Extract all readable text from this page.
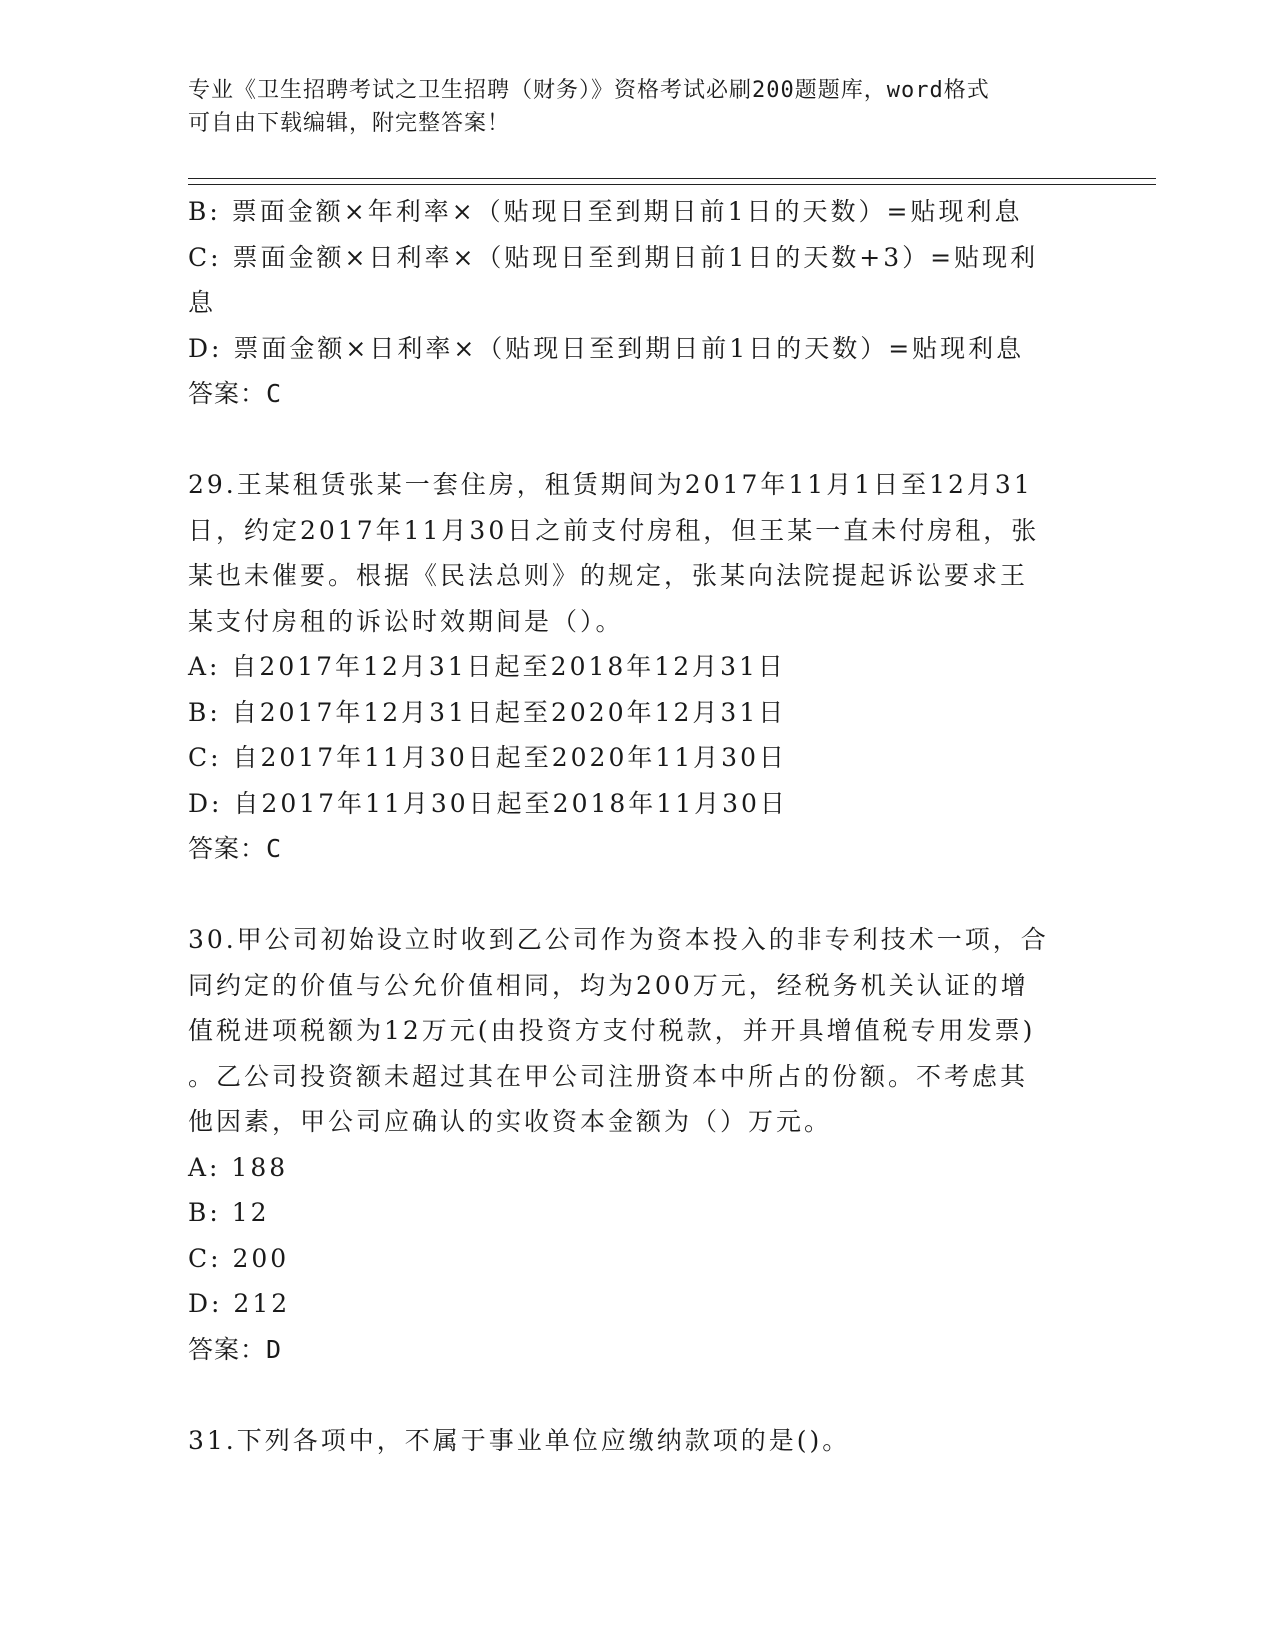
专业《卫生招聘考试之卫生招聘（财务）》资格考试必刷200题题库，word格式
可自由下载编辑，附完整答案！
B: 票面金额×年利率×（贴现日至到期日前1日的天数）=贴现利息
C: 票面金额×日利率×（贴现日至到期日前1日的天数+3）=贴现利
息
D: 票面金额×日利率×（贴现日至到期日前1日的天数）=贴现利息
答案：C
29.王某租赁张某一套住房，租赁期间为2017年11月1日至12月31
日，约定2017年11月30日之前支付房租，但王某一直未付房租，张
某也未催要。根据《民法总则》的规定，张某向法院提起诉讼要求王
某支付房租的诉讼时效期间是（）。
A: 自2017年12月31日起至2018年12月31日
B: 自2017年12月31日起至2020年12月31日
C: 自2017年11月30日起至2020年11月30日
D: 自2017年11月30日起至2018年11月30日
答案：C
30.甲公司初始设立时收到乙公司作为资本投入的非专利技术一项，合
同约定的价值与公允价值相同，均为200万元，经税务机关认证的增
值税进项税额为12万元(由投资方支付税款，并开具增值税专用发票)
。乙公司投资额未超过其在甲公司注册资本中所占的份额。不考虑其
他因素，甲公司应确认的实收资本金额为（）万元。
A: 188
B: 12
C: 200
D: 212
答案：D
31.下列各项中，不属于事业单位应缴纳款项的是()。
